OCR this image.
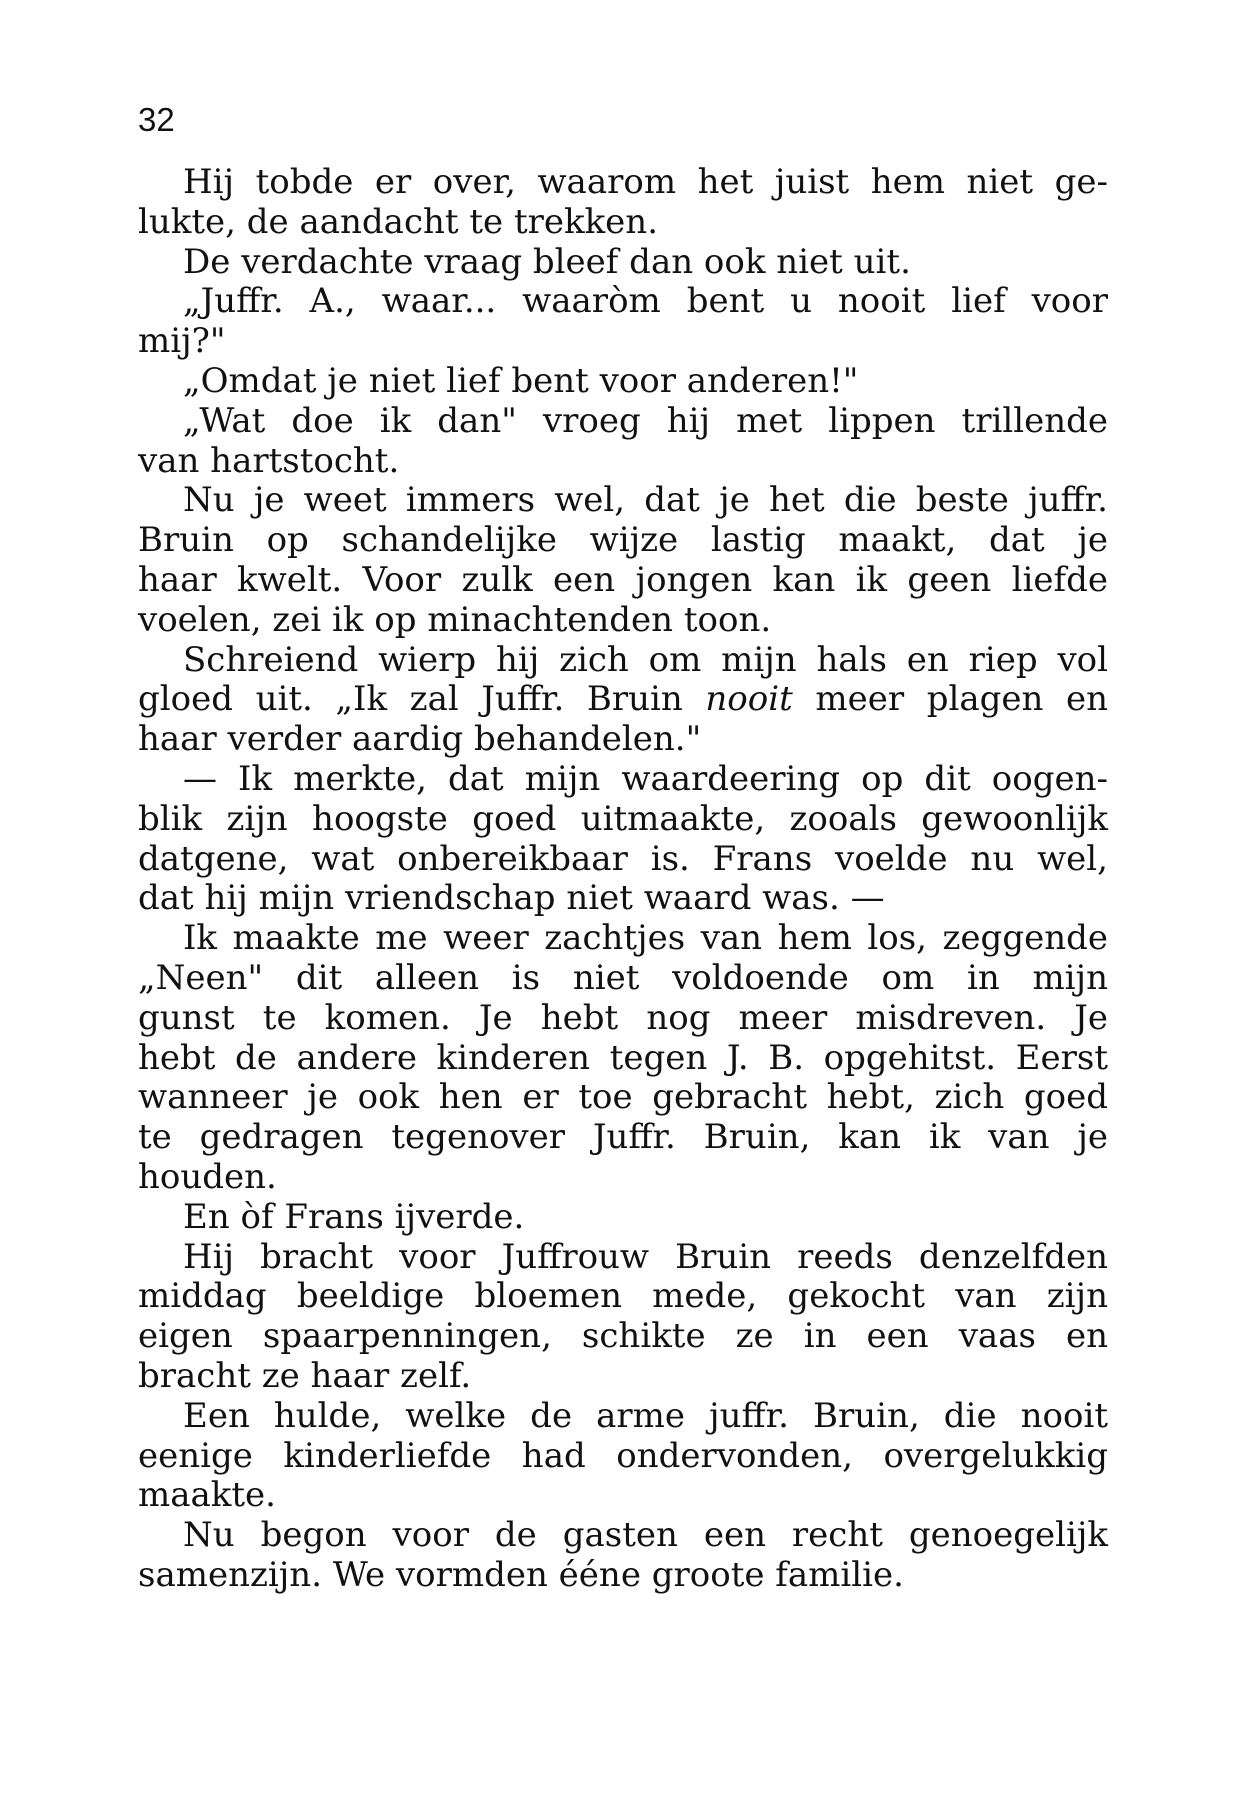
32
Hij tobde er over, waarom het juist hem niet ge-
lukte, de aandacht te trekken.
De verdachte vraag bleef dan ook niet uit.
„Juffr. A., waar... waaròm bent u nooit lief voor
mij?"
„Omdat je niet lief bent voor anderen!"
„Wat doe ik dan" vroeg hij met lippen trillende
van hartstocht.
Nu je weet immers wel, dat je het die beste juffr.
Bruin op schandelijke wijze lastig maakt, dat je
haar kwelt. Voor zulk een jongen kan ik geen liefde
voelen, zei ik op minachtenden toon.
Schreiend wierp hij zich om mijn hals en riep vol
gloed uit. „Ik zal Juffr. Bruin nooit meer plagen en
haar verder aardig behandelen."
— Ik merkte, dat mijn waardeering op dit oogen-
blik zijn hoogste goed uitmaakte, zooals gewoonlijk
datgene, wat onbereikbaar is. Frans voelde nu wel,
dat hij mijn vriendschap niet waard was. —
Ik maakte me weer zachtjes van hem los, zeggende
„Neen" dit alleen is niet voldoende om in mijn
gunst te komen. Je hebt nog meer misdreven. Je
hebt de andere kinderen tegen J. B. opgehitst. Eerst
wanneer je ook hen er toe gebracht hebt, zich goed
te gedragen tegenover Juffr. Bruin, kan ik van je
houden.
En òf Frans ijverde.
Hij bracht voor Juffrouw Bruin reeds denzelfden
middag beeldige bloemen mede, gekocht van zijn
eigen spaarpenningen, schikte ze in een vaas en
bracht ze haar zelf.
Een hulde, welke de arme juffr. Bruin, die nooit
eenige kinderliefde had ondervonden, overgelukkig
maakte.
Nu begon voor de gasten een recht genoegelijk
samenzijn. We vormden ééne groote familie.
